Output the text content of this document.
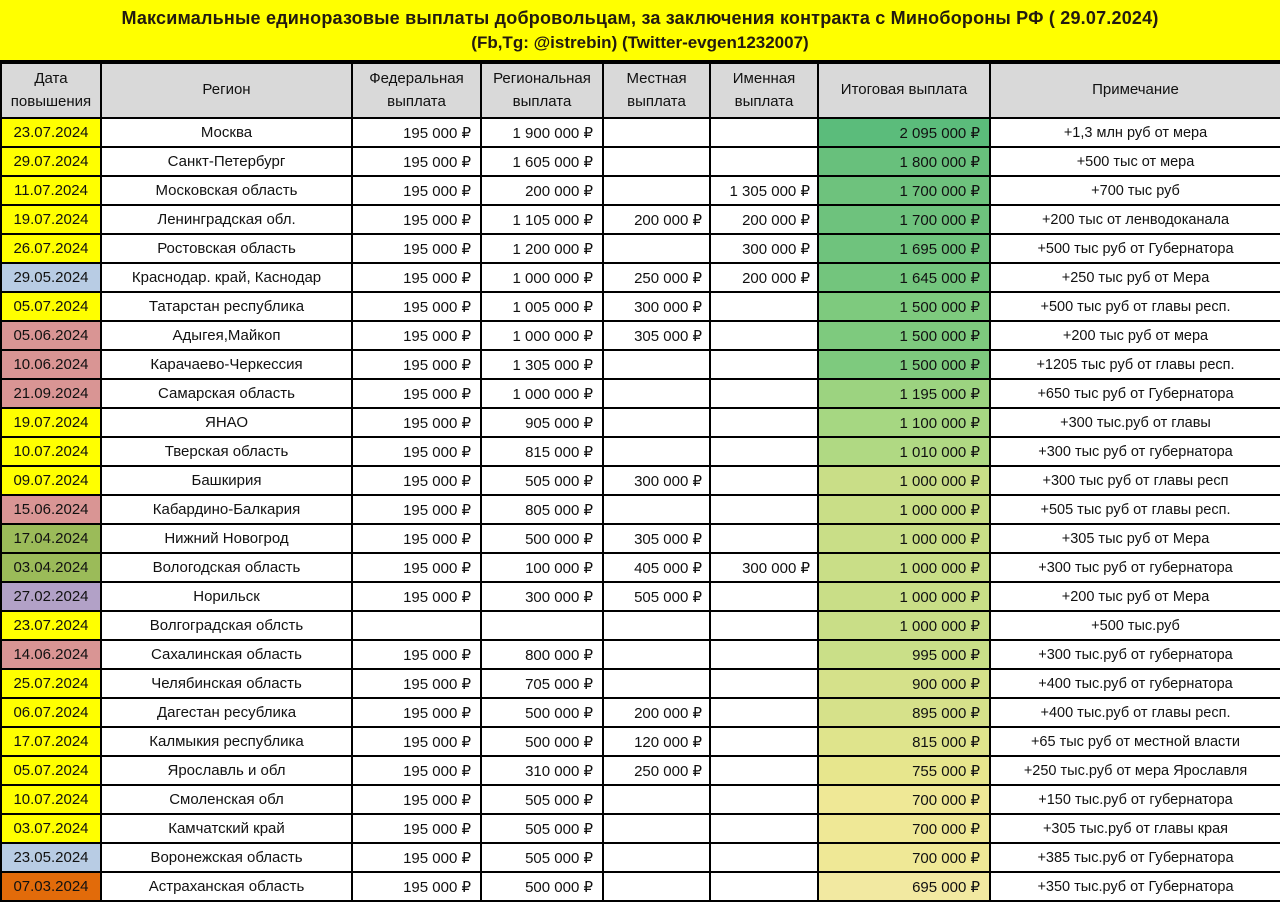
Максимальные единоразовые выплаты добровольцам, за заключения контракта с Минобороны РФ ( 29.07.2024)
(Fb,Tg: @istrebin) (Twitter-evgen1232007)
Дата повышения	Регион	Федеральная выплата	Региональная выплата	Местная выплата	Именная выплата	Итоговая выплата	Примечание
23.07.2024	Москва	195 000 ₽	1 900 000 ₽			2 095 000 ₽	+1,3 млн руб от мера
29.07.2024	Санкт-Петербург	195 000 ₽	1 605 000 ₽			1 800 000 ₽	+500 тыс от мера
11.07.2024	Московская область	195 000 ₽	200 000 ₽		1 305 000 ₽	1 700 000 ₽	+700 тыс руб
19.07.2024	Ленинградская обл.	195 000 ₽	1 105 000 ₽	200 000 ₽	200 000 ₽	1 700 000 ₽	+200 тыс от ленводоканала
26.07.2024	Ростовская область	195 000 ₽	1 200 000 ₽		300 000 ₽	1 695 000 ₽	+500 тыс руб от Губернатора
29.05.2024	Краснодар. край, Каснодар	195 000 ₽	1 000 000 ₽	250 000 ₽	200 000 ₽	1 645 000 ₽	+250 тыс руб от Мера
05.07.2024	Татарстан республика	195 000 ₽	1 005 000 ₽	300 000 ₽		1 500 000 ₽	+500 тыс руб от главы респ.
05.06.2024	Адыгея,Майкоп	195 000 ₽	1 000 000 ₽	305 000 ₽		1 500 000 ₽	+200 тыс руб от мера
10.06.2024	Карачаево-Черкессия	195 000 ₽	1 305 000 ₽			1 500 000 ₽	+1205 тыс руб от главы респ.
21.09.2024	Самарская область	195 000 ₽	1 000 000 ₽			1 195 000 ₽	+650 тыс руб от Губернатора
19.07.2024	ЯНАО	195 000 ₽	905 000 ₽			1 100 000 ₽	+300 тыс.руб от главы
10.07.2024	Тверская область	195 000 ₽	815 000 ₽			1 010 000 ₽	+300 тыс руб от губернатора
09.07.2024	Башкирия	195 000 ₽	505 000 ₽	300 000 ₽		1 000 000 ₽	+300 тыс руб от главы респ
15.06.2024	Кабардино-Балкария	195 000 ₽	805 000 ₽			1 000 000 ₽	+505 тыс руб от главы респ.
17.04.2024	Нижний Новогрод	195 000 ₽	500 000 ₽	305 000 ₽		1 000 000 ₽	+305 тыс руб от Мера
03.04.2024	Вологодская область	195 000 ₽	100 000 ₽	405 000 ₽	300 000 ₽	1 000 000 ₽	+300 тыс руб от губернатора
27.02.2024	Норильск	195 000 ₽	300 000 ₽	505 000 ₽		1 000 000 ₽	+200 тыс руб от Мера
23.07.2024	Волгоградская облсть					1 000 000 ₽	+500 тыс.руб
14.06.2024	Сахалинская область	195 000 ₽	800 000 ₽			995 000 ₽	+300 тыс.руб от губернатора
25.07.2024	Челябинская область	195 000 ₽	705 000 ₽			900 000 ₽	+400 тыс.руб от губернатора
06.07.2024	Дагестан ресублика	195 000 ₽	500 000 ₽	200 000 ₽		895 000 ₽	+400 тыс.руб от главы респ.
17.07.2024	Калмыкия республика	195 000 ₽	500 000 ₽	120 000 ₽		815 000 ₽	+65 тыс руб от местной власти
05.07.2024	Ярославль и обл	195 000 ₽	310 000 ₽	250 000 ₽		755 000 ₽	+250 тыс.руб от мера Ярославля
10.07.2024	Смоленская обл	195 000 ₽	505 000 ₽			700 000 ₽	+150 тыс.руб от губернатора
03.07.2024	Камчатский край	195 000 ₽	505 000 ₽			700 000 ₽	+305 тыс.руб от главы края
23.05.2024	Воронежская область	195 000 ₽	505 000 ₽			700 000 ₽	+385 тыс.руб от Губернатора
07.03.2024	Астраханская область	195 000 ₽	500 000 ₽			695 000 ₽	+350 тыс.руб от Губернатора
